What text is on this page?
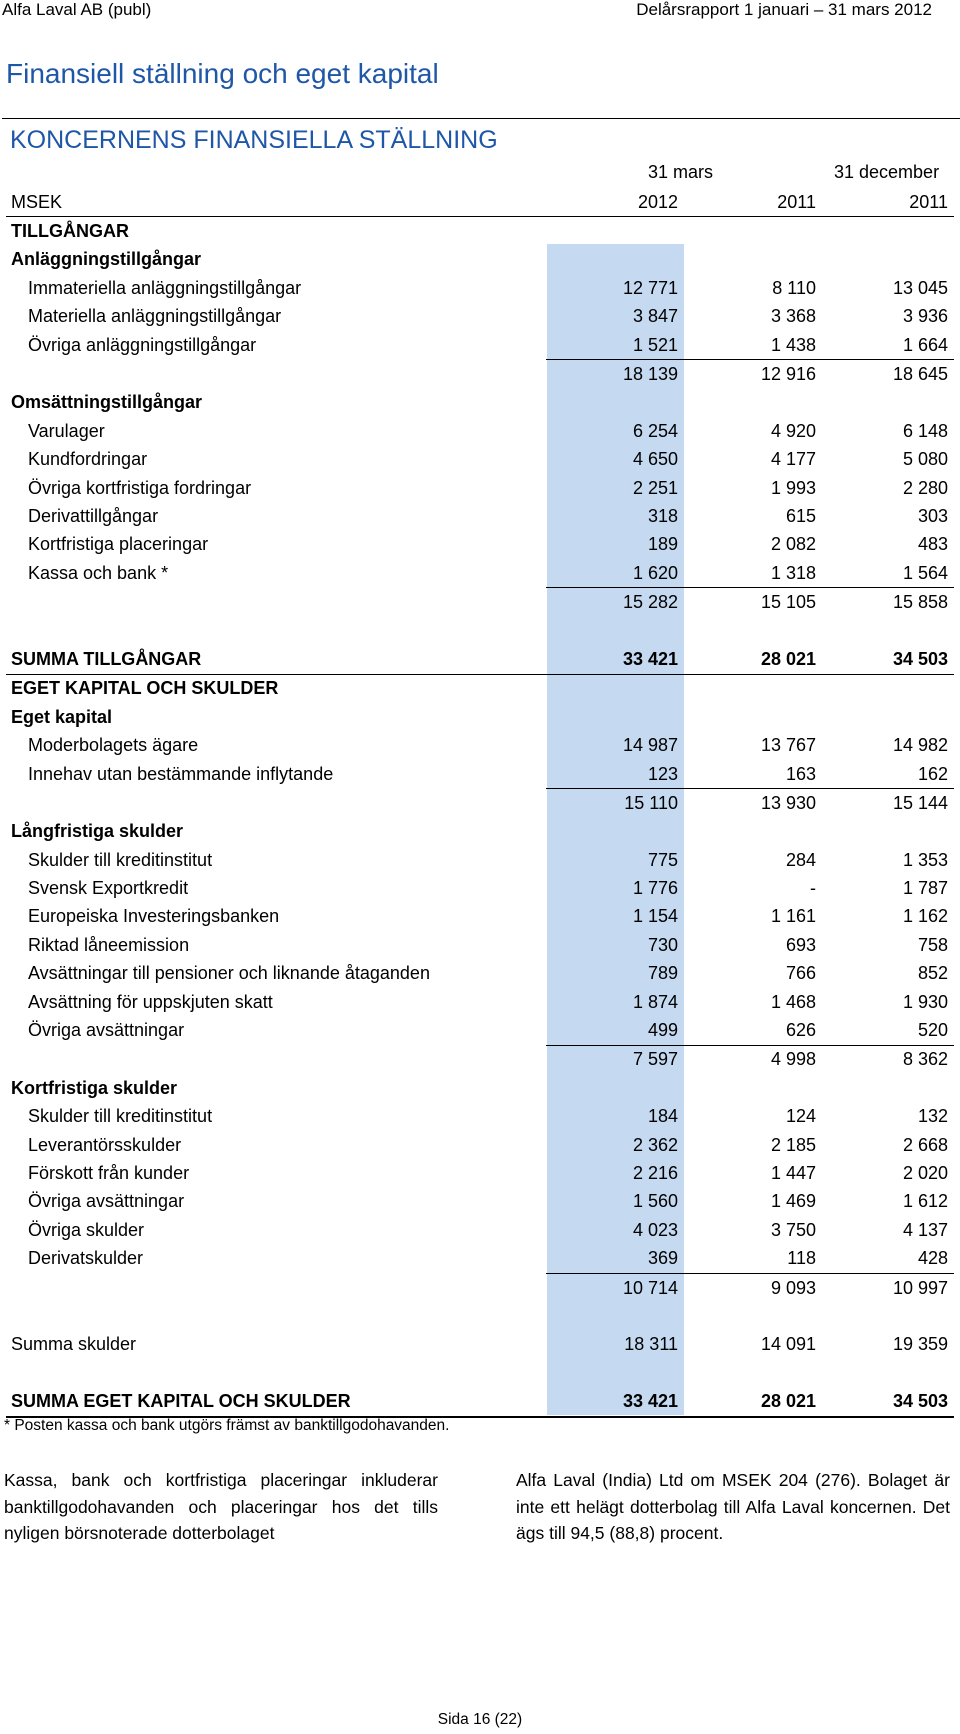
Alfa Laval AB (publ)	Delårsrapport 1 januari – 31 mars 2012
Finansiell ställning och eget kapital
KONCERNENS FINANSIELLA STÄLLNING
31 mars	31 december
MSEK	2012	2011	2011
TILLGÅNGAR			
Anläggningstillgångar			
Immateriella anläggningstillgångar	12 771	8 110	13 045
Materiella anläggningstillgångar	3 847	3 368	3 936
Övriga anläggningstillgångar	1 521	1 438	1 664
	18 139	12 916	18 645
Omsättningstillgångar			
Varulager	6 254	4 920	6 148
Kundfordringar	4 650	4 177	5 080
Övriga kortfristiga fordringar	2 251	1 993	2 280
Derivattillgångar	318	615	303
Kortfristiga placeringar	189	2 082	483
Kassa och bank *	1 620	1 318	1 564
	15 282	15 105	15 858

SUMMA TILLGÅNGAR	33 421	28 021	34 503
EGET KAPITAL OCH SKULDER			
Eget kapital			
Moderbolagets ägare	14 987	13 767	14 982
Innehav utan bestämmande inflytande	123	163	162
	15 110	13 930	15 144
Långfristiga skulder			
Skulder till kreditinstitut	775	284	1 353
Svensk Exportkredit	1 776	-	1 787
Europeiska Investeringsbanken	1 154	1 161	1 162
Riktad låneemission	730	693	758
Avsättningar till pensioner och liknande åtaganden	789	766	852
Avsättning för uppskjuten skatt	1 874	1 468	1 930
Övriga avsättningar	499	626	520
	7 597	4 998	8 362
Kortfristiga skulder			
Skulder till kreditinstitut	184	124	132
Leverantörsskulder	2 362	2 185	2 668
Förskott från kunder	2 216	1 447	2 020
Övriga avsättningar	1 560	1 469	1 612
Övriga skulder	4 023	3 750	4 137
Derivatskulder	369	118	428
	10 714	9 093	10 997

Summa skulder	18 311	14 091	19 359

SUMMA EGET KAPITAL OCH SKULDER	33 421	28 021	34 503
* Posten kassa och bank utgörs främst av banktillgodohavanden.
Kassa, bank och kortfristiga placeringar inkluderar banktillgodohavanden och placeringar hos det tills nyligen börsnoterade dotterbolaget
Alfa Laval (India) Ltd om MSEK 204 (276). Bolaget är inte ett helägt dotterbolag till Alfa Laval koncernen. Det ägs till 94,5 (88,8) procent.
Sida 16 (22)
